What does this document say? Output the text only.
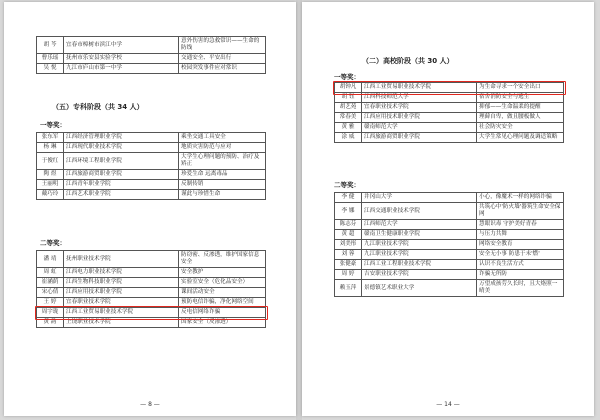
胡 芩	宜春市樟树市滨江中学	意外伤害的急救常识——生命的防线
曹乐瑶	抚州市乐安县实验学校	交通安全、平安出行
吴 悦	九江市庐山市第一中学	校园突发事件应对常识
（五）专科阶段（共 34 人）
一等奖：
张东军	江西经济管理职业学院	乘坐交通工具安全
杨 琳	江西现代职业技术学院	地质灾害防范与应对
于俊红	江西环境工程职业学院	大学生心理问题的预防、治疗及矫正
陶 煜	江西旅游商贸职业学院	珍爱生命 远离毒品
王丽明	江西青年职业学院	反制传销
戴巧玲	江西艺术职业学院	谨此与珍惜生命
二等奖：
潘 靖	抚州职业技术学院	防窃密、反渗透，维护国家信息安全
周 虹	江西电力职业技术学院	安全教护
崔涵荫	江西生物科技职业学院	实验室安全（危化品安全）
宋心倩	江西应用技术职业学院	课间活动安全
王 婷	宜春职业技术学院	预防电信诈骗，净化网络空间
周宇珑	江西工业贸易职业技术学院	反电信网络诈骗
黄 韵	上饶职业技术学院	国家安全（反渗透）
— 8 —
（二）高校阶段（共 30 人）
一等奖：
胡钟凡	江西工业贸易职业技术学院	为生命寻求一个安全出口
胡 钰	江西科技师范大学	宿舍消防安全与逃生
胡艺苑	宜春职业技术学院	抑郁——生命温柔的提醒
常春美	江西应用技术职业学院	理藓自卑，做且腰板做人
黄 雅	赣南师范大学	社会防灾安全
涂 威	江西旅游商贸职业学院	大学生常见心理问题及调适策略
二等奖：
李 健	井冈山大学	小心，像魔术一样的网络诈骗
李 娜	江西交通职业技术学院	共筑心中'防火墙'器筑生命安全保网
陈志芬	江西师范大学	慧眼识毒 守护美好青春
黄 超	赣南卫生健康职业学院	与压力共舞
刘美彤	九江职业技术学院	网络安全教育
刘 蓉	九江职业技术学院	安全无小事 防患于未'燃'
张健豪	江西工业工程职业技术学院	认识不良生活方式
周 婷	吉安职业技术学院	诈骗无所防
赖玉萍	景德镇艺术职业大学	万望成孩劳久长时，且大烙照一晴美
— 14 —
